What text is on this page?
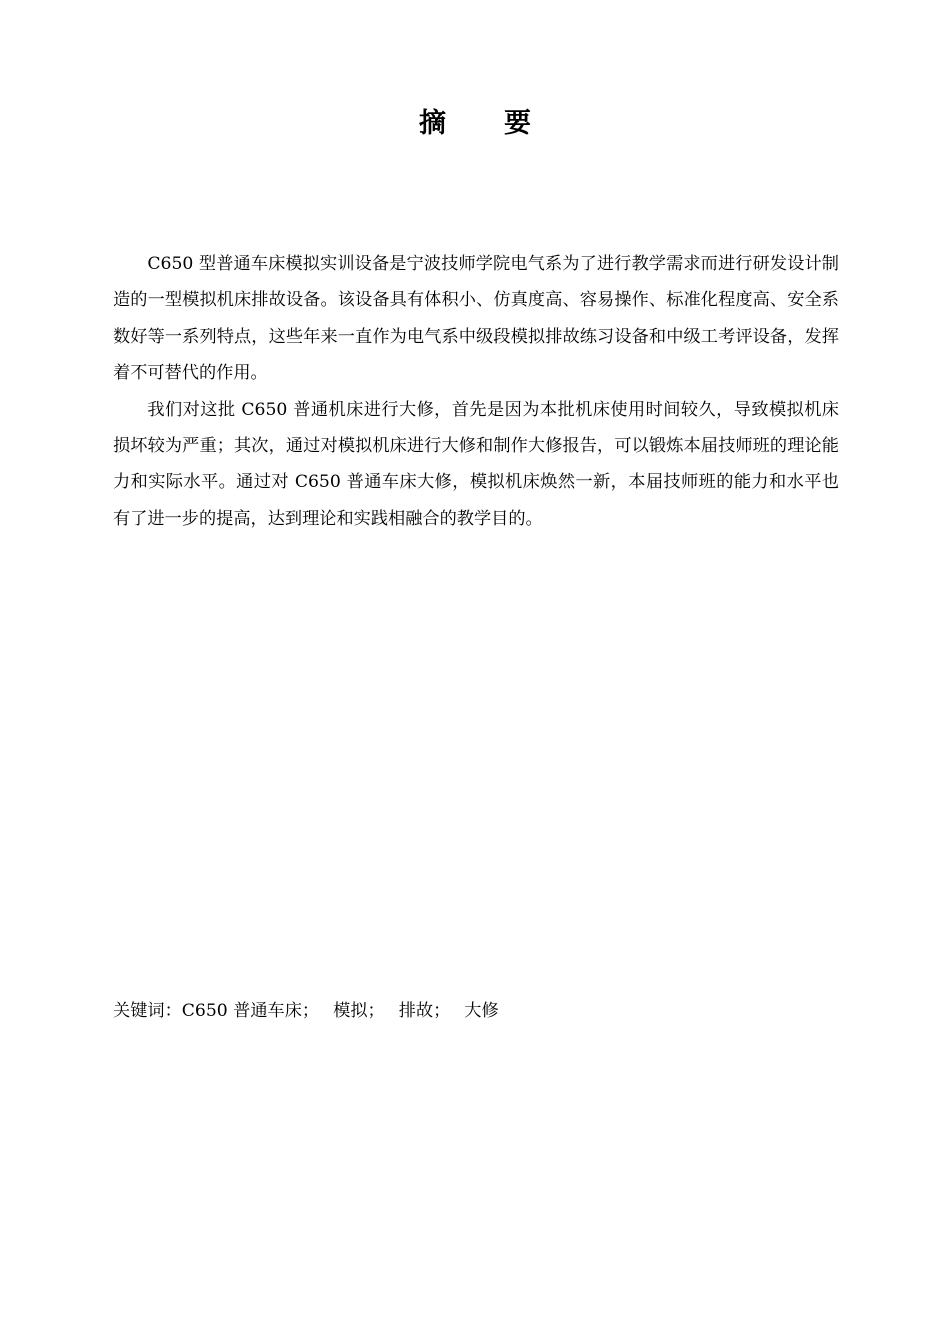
摘 要

C650 型普通车床模拟实训设备是宁波技师学院电气系为了进行教学需求而进行研发设计制造的一型模拟机床排故设备。该设备具有体积小、仿真度高、容易操作、标准化程度高、安全系数好等一系列特点，这些年来一直作为电气系中级段模拟排故练习设备和中级工考评设备，发挥着不可替代的作用。

我们对这批 C650 普通机床进行大修，首先是因为本批机床使用时间较久，导致模拟机床损坏较为严重；其次，通过对模拟机床进行大修和制作大修报告，可以锻炼本届技师班的理论能力和实际水平。通过对 C650 普通车床大修，模拟机床焕然一新，本届技师班的能力和水平也有了进一步的提高，达到理论和实践相融合的教学目的。

关键词：C650 普通车床； 模拟； 排故； 大修
